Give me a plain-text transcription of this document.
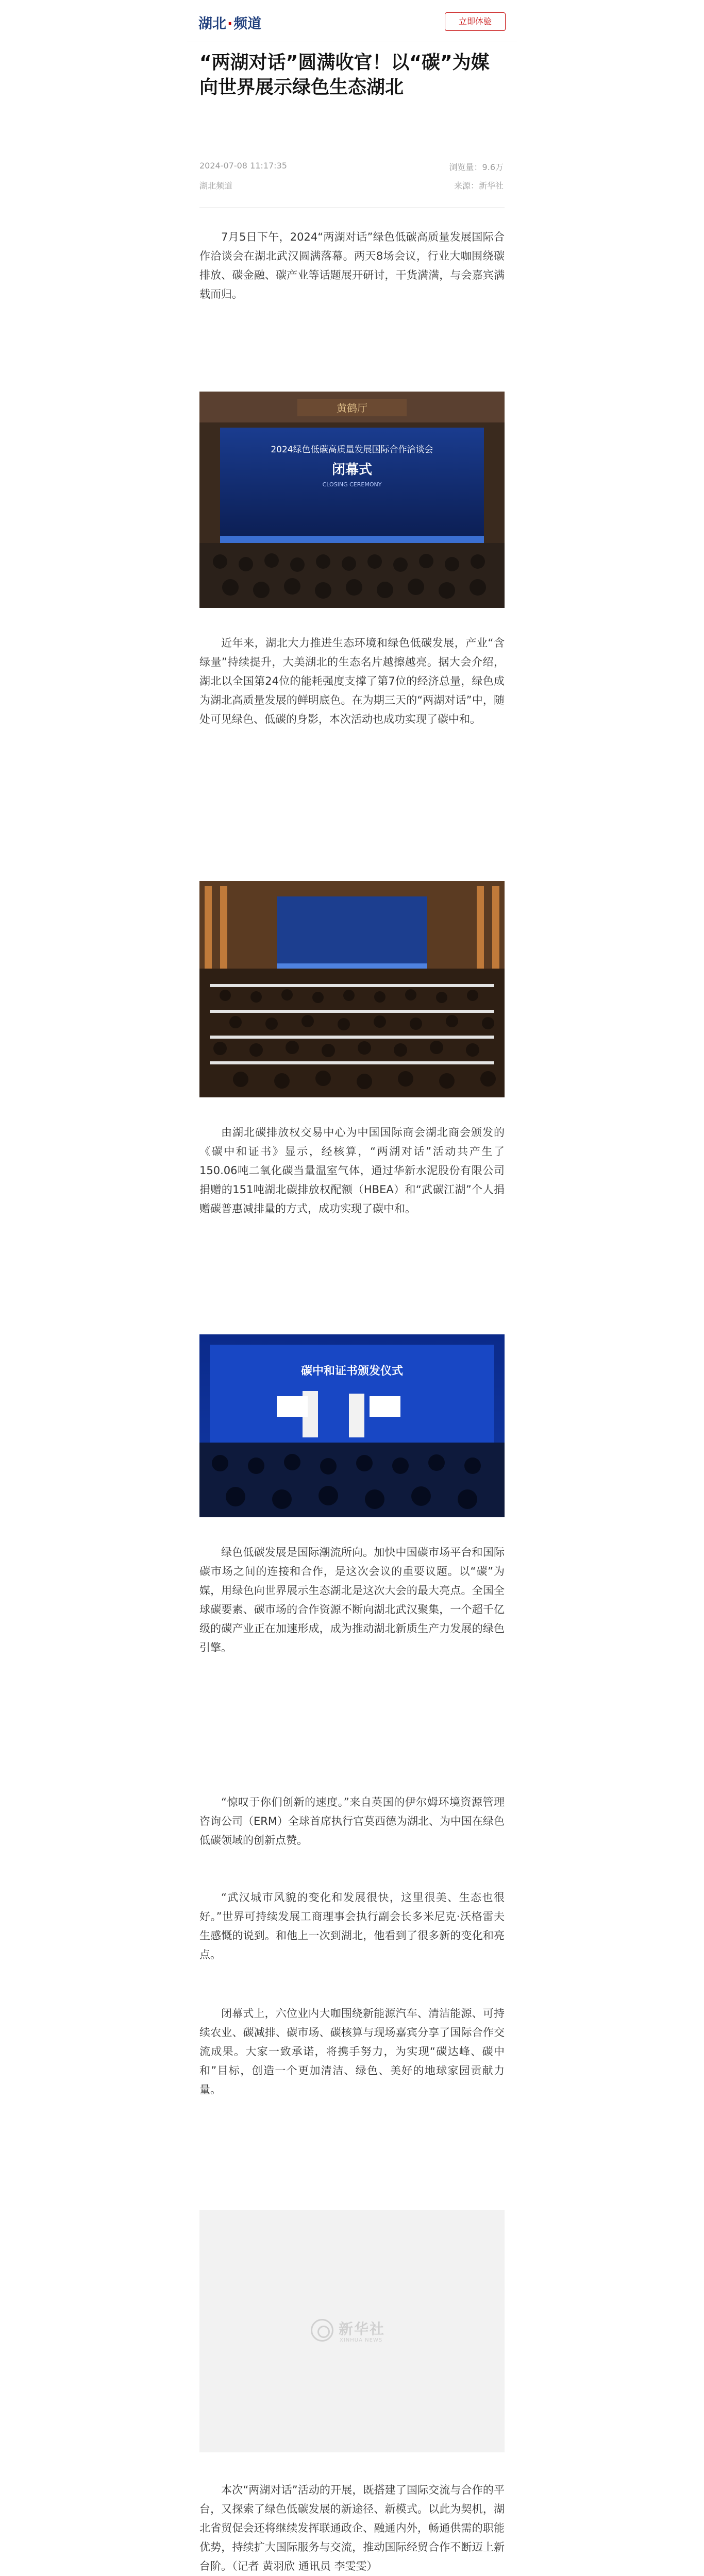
湖北·频道	立即体验
“两湖对话”圆满收官！以“碳”为媒 向世界展示绿色生态湖北
2024-07-08 11:17:35	浏览量：9.6万
湖北频道	来源：新华社

7月5日下午，2024“两湖对话”绿色低碳高质量发展国际合作洽谈会在湖北武汉圆满落幕。两天8场会议，行业大咖围绕碳排放、碳金融、碳产业等话题展开研讨，干货满满，与会嘉宾满载而归。

黄鹤厅
2024绿色低碳高质量发展国际合作洽谈会
闭幕式
CLOSING CEREMONY

近年来，湖北大力推进生态环境和绿色低碳发展，产业“含绿量”持续提升，大美湖北的生态名片越擦越亮。据大会介绍，湖北以全国第24位的能耗强度支撑了第7位的经济总量，绿色成为湖北高质量发展的鲜明底色。在为期三天的“两湖对话”中，随处可见绿色、低碳的身影，本次活动也成功实现了碳中和。

由湖北碳排放权交易中心为中国国际商会湖北商会颁发的《碳中和证书》显示，经核算，“两湖对话”活动共产生了150.06吨二氧化碳当量温室气体，通过华新水泥股份有限公司捐赠的151吨湖北碳排放权配额（HBEA）和“武碳江湖”个人捐赠碳普惠减排量的方式，成功实现了碳中和。

碳中和证书颁发仪式

绿色低碳发展是国际潮流所向。加快中国碳市场平台和国际碳市场之间的连接和合作，是这次会议的重要议题。以“碳”为媒，用绿色向世界展示生态湖北是这次大会的最大亮点。全国全球碳要素、碳市场的合作资源不断向湖北武汉聚集，一个超千亿级的碳产业正在加速形成，成为推动湖北新质生产力发展的绿色引擎。

“惊叹于你们创新的速度。”来自英国的伊尔姆环境资源管理咨询公司（ERM）全球首席执行官莫西德为湖北、为中国在绿色低碳领域的创新点赞。

“武汉城市风貌的变化和发展很快，这里很美、生态也很好。”世界可持续发展工商理事会执行副会长多米尼克·沃格雷夫生感慨的说到。和他上一次到湖北，他看到了很多新的变化和亮点。

闭幕式上，六位业内大咖围绕新能源汽车、清洁能源、可持续农业、碳减排、碳市场、碳核算与现场嘉宾分享了国际合作交流成果。大家一致承诺，将携手努力，为实现“碳达峰、碳中和”目标，创造一个更加清洁、绿色、美好的地球家园贡献力量。

新华社
XINHUA NEWS

本次“两湖对话”活动的开展，既搭建了国际交流与合作的平台，又探索了绿色低碳发展的新途径、新模式。以此为契机，湖北省贸促会还将继续发挥联通政企、融通内外，畅通供需的职能优势，持续扩大国际服务与交流，推动国际经贸合作不断迈上新台阶。（记者 黄羽欣 通讯员 李雯雯）
